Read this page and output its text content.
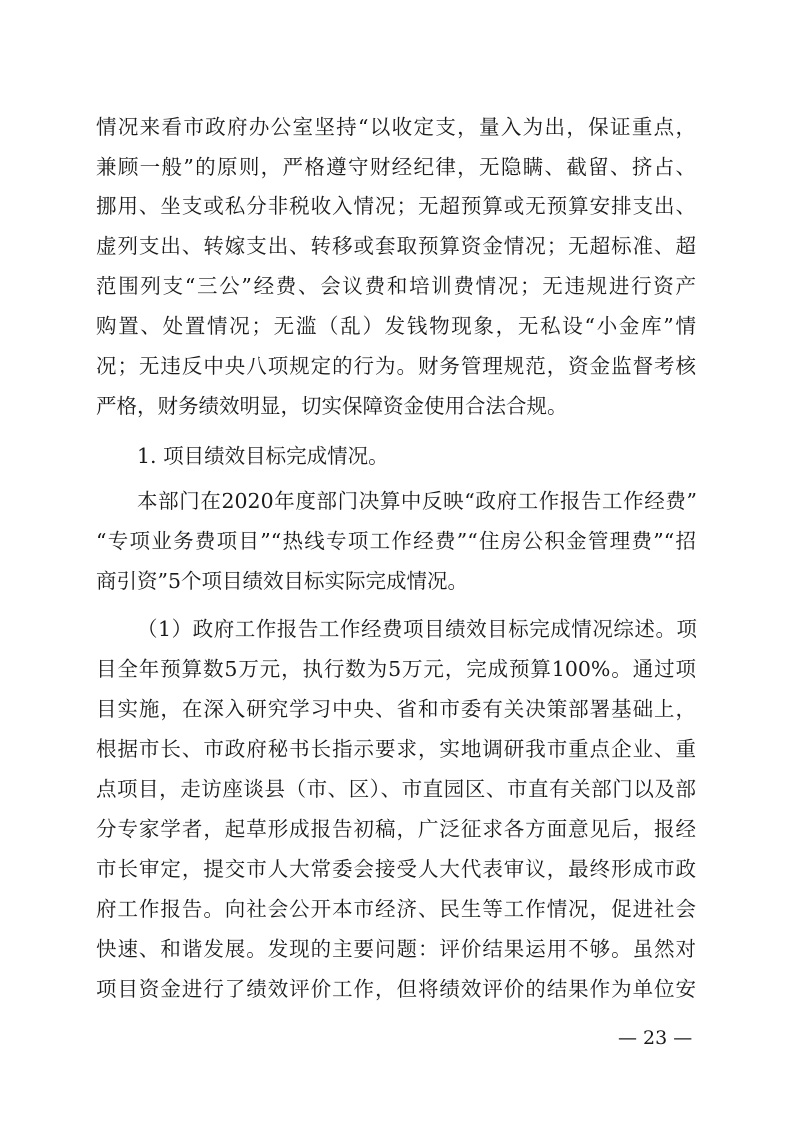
情况来看市政府办公室坚持“以收定支，量入为出，保证重点，
兼顾一般”的原则，严格遵守财经纪律，无隐瞒、截留、挤占、
挪用、坐支或私分非税收入情况；无超预算或无预算安排支出、
虚列支出、转嫁支出、转移或套取预算资金情况；无超标准、超
范围列支“三公”经费、会议费和培训费情况；无违规进行资产
购置、处置情况；无滥（乱）发钱物现象，无私设“小金库”情
况；无违反中央八项规定的行为。财务管理规范，资金监督考核
严格，财务绩效明显，切实保障资金使用合法合规。
1. 项目绩效目标完成情况。
本部门在2020年度部门决算中反映“政府工作报告工作经费”
“专项业务费项目”“热线专项工作经费”“住房公积金管理费”“招
商引资”5个项目绩效目标实际完成情况。
（1）政府工作报告工作经费项目绩效目标完成情况综述。项
目全年预算数5万元，执行数为5万元，完成预算100%。通过项
目实施，在深入研究学习中央、省和市委有关决策部署基础上，
根据市长、市政府秘书长指示要求，实地调研我市重点企业、重
点项目，走访座谈县（市、区）、市直园区、市直有关部门以及部
分专家学者，起草形成报告初稿，广泛征求各方面意见后，报经
市长审定，提交市人大常委会接受人大代表审议，最终形成市政
府工作报告。向社会公开本市经济、民生等工作情况，促进社会
快速、和谐发展。发现的主要问题：评价结果运用不够。虽然对
项目资金进行了绩效评价工作，但将绩效评价的结果作为单位安
— 23 —
